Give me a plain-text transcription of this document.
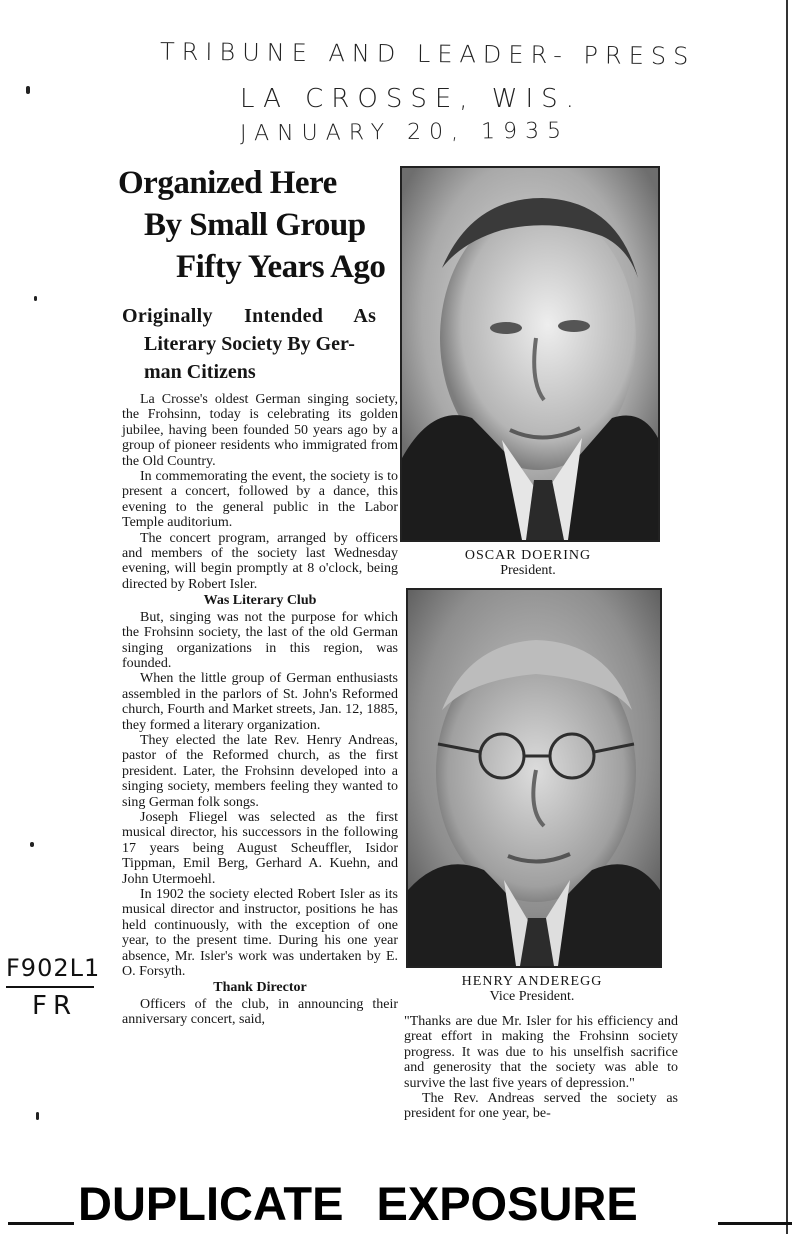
TRIBUNE AND LEADER- PRESS
LA CROSSE, WIS.
JANUARY 20, 1935
Organized Here
By Small Group
Fifty Years Ago
Originally Intended As
Literary Society By Ger-
man Citizens

La Crosse's oldest German singing society, the Frohsinn, today is celebrating its golden jubilee, having been founded 50 years ago by a group of pioneer residents who immigrated from the Old Country.

In commemorating the event, the society is to present a concert, followed by a dance, this evening to the general public in the Labor Temple auditorium.

The concert program, arranged by officers and members of the society last Wednesday evening, will begin promptly at 8 o'clock, being directed by Robert Isler.

Was Literary Club

But, singing was not the purpose for which the Frohsinn society, the last of the old German singing organizations in this region, was founded.

When the little group of German enthusiasts assembled in the parlors of St. John's Reformed church, Fourth and Market streets, Jan. 12, 1885, they formed a literary organization.

They elected the late Rev. Henry Andreas, pastor of the Reformed church, as the first president. Later, the Frohsinn developed into a singing society, members feeling they wanted to sing German folk songs.

Joseph Fliegel was selected as the first musical director, his successors in the following 17 years being August Scheuffler, Isidor Tippman, Emil Berg, Gerhard A. Kuehn, and John Utermoehl.

In 1902 the society elected Robert Isler as its musical director and instructor, positions he has held continuously, with the exception of one year, to the present time. During his one year absence, Mr. Isler's work was undertaken by E. O. Forsyth.

Thank Director

Officers of the club, in announcing their anniversary concert, said,

OSCAR DOERING
President.
HENRY ANDEREGG
Vice President.

"Thanks are due Mr. Isler for his efficiency and great effort in making the Frohsinn society progress. It was due to his unselfish sacrifice and generosity that the society was able to survive the last five years of depression."

The Rev. Andreas served the society as president for one year, be-

F902L1
FR
DUPLICATE EXPOSURE
